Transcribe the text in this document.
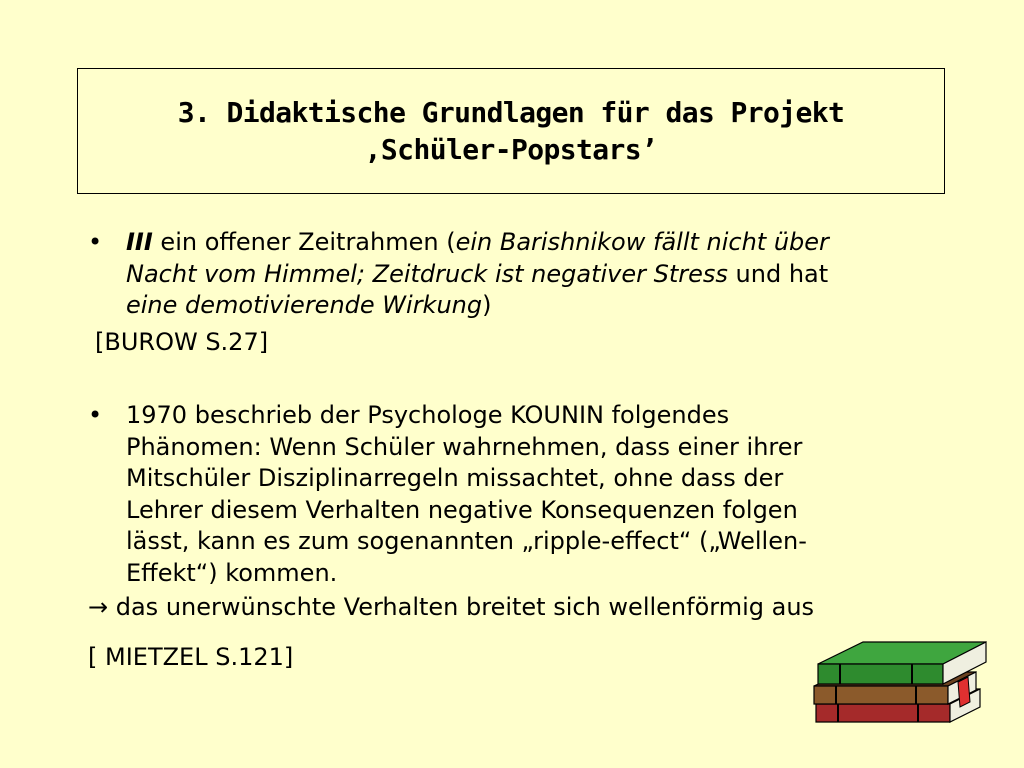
3. Didaktische Grundlagen für das Projekt
‚Schüler-Popstars’
• III ein offener Zeitrahmen (ein Barishnikow fällt nicht über
Nacht vom Himmel; Zeitdruck ist negativer Stress und hat
eine demotivierende Wirkung)
[BUROW S.27]
• 1970 beschrieb der Psychologe KOUNIN folgendes
Phänomen: Wenn Schüler wahrnehmen, dass einer ihrer
Mitschüler Disziplinarregeln missachtet, ohne dass der
Lehrer diesem Verhalten negative Konsequenzen folgen
lässt, kann es zum sogenannten „ripple-effect“ („Wellen-
Effekt“) kommen.
→ das unerwünschte Verhalten breitet sich wellenförmig aus
[ MIETZEL S.121]
